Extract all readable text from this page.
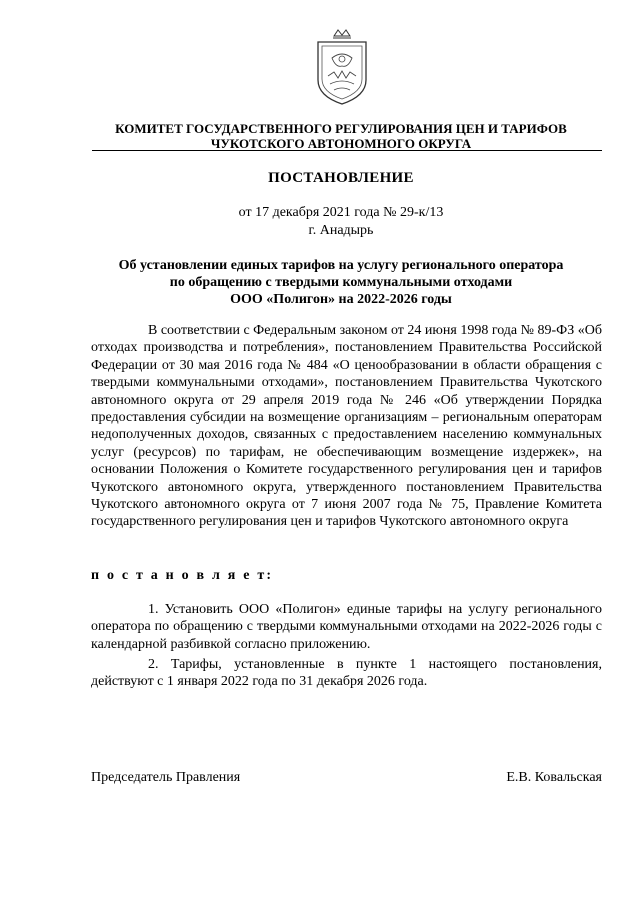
КОМИТЕТ ГОСУДАРСТВЕННОГО РЕГУЛИРОВАНИЯ ЦЕН И ТАРИФОВ
ЧУКОТСКОГО АВТОНОМНОГО ОКРУГА
ПОСТАНОВЛЕНИЕ
от 17 декабря 2021 года № 29-к/13
г. Анадырь
Об установлении единых тарифов на услугу регионального оператора
по обращению с твердыми коммунальными отходами
ООО «Полигон» на 2022-2026 годы
В соответствии с Федеральным законом от 24 июня 1998 года № 89-ФЗ «Об отходах производства и потребления», постановлением Правительства Российской Федерации от 30 мая 2016 года № 484 «О ценообразовании в области обращения с твердыми коммунальными отходами», постановлением Правительства Чукотского автономного округа от 29 апреля 2019 года № 246 «Об утверждении Порядка предоставления субсидии на возмещение организациям – региональным операторам недополученных доходов, связанных с предоставлением населению коммунальных услуг (ресурсов) по тарифам, не обеспечивающим возмещение издержек», на основании Положения о Комитете государственного регулирования цен и тарифов Чукотского автономного округа, утвержденного постановлением Правительства Чукотского автономного округа от 7 июня 2007 года № 75, Правление Комитета государственного регулирования цен и тарифов Чукотского автономного округа
п о с т а н о в л я е т:
1. Установить ООО «Полигон» единые тарифы на услугу регионального оператора по обращению с твердыми коммунальными отходами на 2022-2026 годы с календарной разбивкой согласно приложению.
2. Тарифы, установленные в пункте 1 настоящего постановления, действуют с 1 января 2022 года по 31 декабря 2026 года.
Председатель Правления	Е.В. Ковальская
